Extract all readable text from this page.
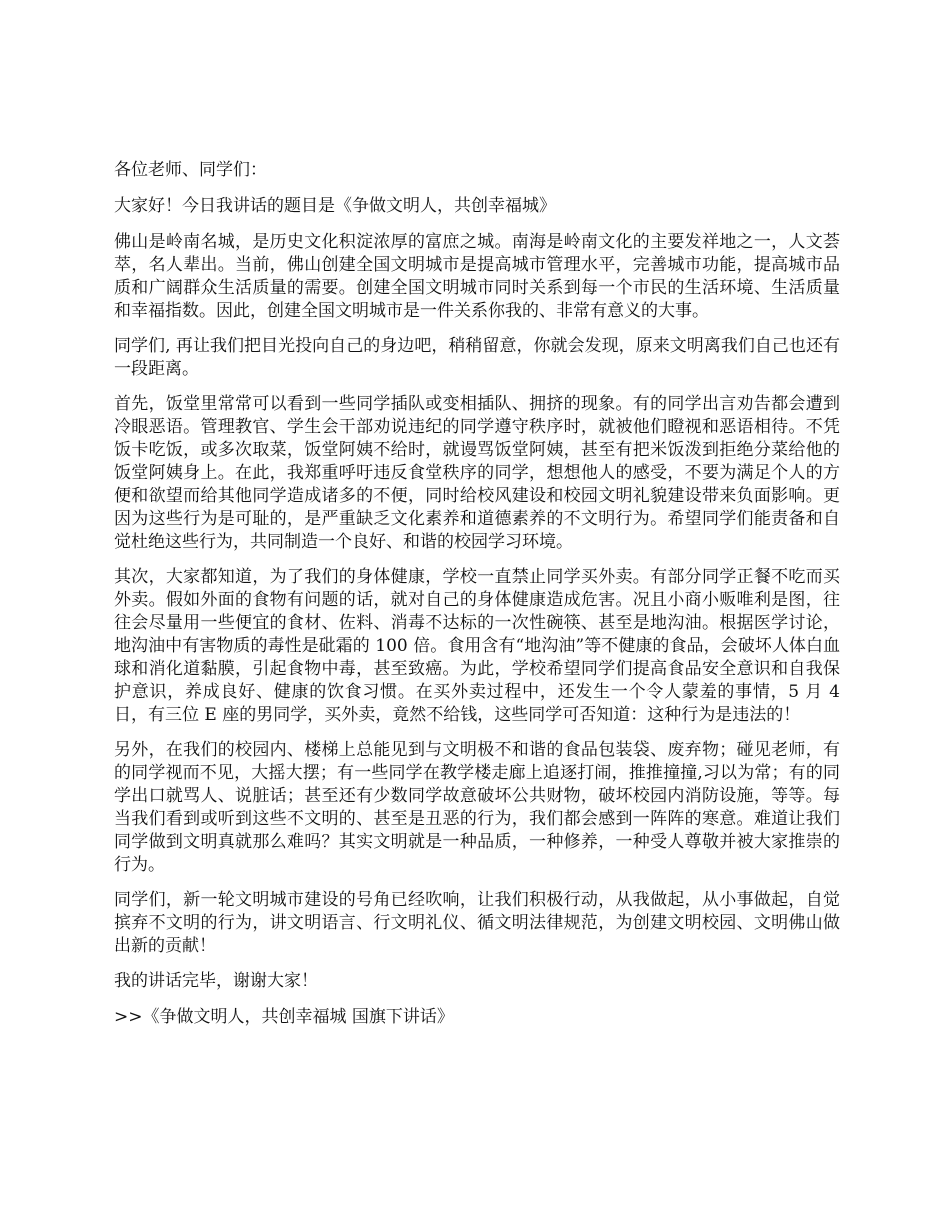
各位老师、同学们：

大家好！今日我讲话的题目是《争做文明人，共创幸福城》

佛山是岭南名城，是历史文化积淀浓厚的富庶之城。南海是岭南文化的主要发祥地之一，人文荟萃，名人辈出。当前，佛山创建全国文明城市是提高城市管理水平，完善城市功能，提高城市品质和广阔群众生活质量的需要。创建全国文明城市同时关系到每一个市民的生活环境、生活质量和幸福指数。因此，创建全国文明城市是一件关系你我的、非常有意义的大事。

同学们, 再让我们把目光投向自己的身边吧，稍稍留意，你就会发现，原来文明离我们自己也还有一段距离。

首先，饭堂里常常可以看到一些同学插队或变相插队、拥挤的现象。有的同学出言劝告都会遭到冷眼恶语。管理教官、学生会干部劝说违纪的同学遵守秩序时，就被他们瞪视和恶语相待。不凭饭卡吃饭，或多次取菜，饭堂阿姨不给时，就谩骂饭堂阿姨，甚至有把米饭泼到拒绝分菜给他的饭堂阿姨身上。在此，我郑重呼吁违反食堂秩序的同学，想想他人的感受，不要为满足个人的方便和欲望而给其他同学造成诸多的不便，同时给校风建设和校园文明礼貌建设带来负面影响。更因为这些行为是可耻的，是严重缺乏文化素养和道德素养的不文明行为。希望同学们能责备和自觉杜绝这些行为，共同制造一个良好、和谐的校园学习环境。

其次，大家都知道，为了我们的身体健康，学校一直禁止同学买外卖。有部分同学正餐不吃而买外卖。假如外面的食物有问题的话，就对自己的身体健康造成危害。况且小商小贩唯利是图，往往会尽量用一些便宜的食材、佐料、消毒不达标的一次性碗筷、甚至是地沟油。根据医学讨论，地沟油中有害物质的毒性是砒霜的 100 倍。食用含有“地沟油”等不健康的食品，会破坏人体白血球和消化道黏膜，引起食物中毒，甚至致癌。为此，学校希望同学们提高食品安全意识和自我保护意识，养成良好、健康的饮食习惯。在买外卖过程中，还发生一个令人蒙羞的事情，5 月 4 日，有三位 E 座的男同学，买外卖，竟然不给钱，这些同学可否知道：这种行为是违法的！

另外，在我们的校园内、楼梯上总能见到与文明极不和谐的食品包装袋、废弃物；碰见老师，有的同学视而不见，大摇大摆；有一些同学在教学楼走廊上追逐打闹，推推撞撞,习以为常；有的同学出口就骂人、说脏话；甚至还有少数同学故意破坏公共财物，破坏校园内消防设施，等等。每当我们看到或听到这些不文明的、甚至是丑恶的行为，我们都会感到一阵阵的寒意。难道让我们同学做到文明真就那么难吗？其实文明就是一种品质，一种修养，一种受人尊敬并被大家推崇的行为。

同学们，新一轮文明城市建设的号角已经吹响，让我们积极行动，从我做起，从小事做起，自觉摈弃不文明的行为，讲文明语言、行文明礼仪、循文明法律规范，为创建文明校园、文明佛山做出新的贡献！

我的讲话完毕，谢谢大家！

>>《争做文明人，共创幸福城 国旗下讲话》
